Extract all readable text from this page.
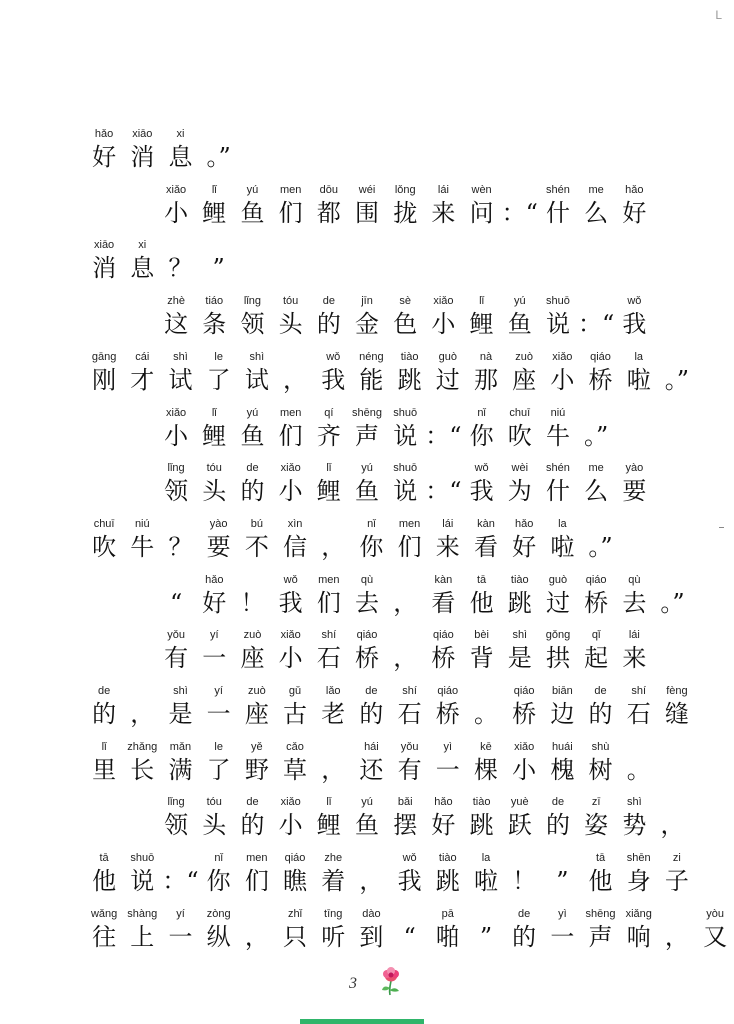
L
hǎo
好
xiāo
消
xi
息 。”
xiǎo
小
lǐ
鲤
yú
鱼
men
们
dōu
都
wéi
围
lǒng
拢
lái
来
wèn
问 ：“
shén
什
me
么
hǎo
好
xiāo
消
xi
息 ？ ”
zhè
这
tiáo
条
lǐng
领
tóu
头
de
的
jīn
金
sè
色
xiǎo
小
lǐ
鲤
yú
鱼
shuō
说 ：“
wǒ
我
gāng
刚
cái
才
shì
试
le
了
shì
试 ，
wǒ
我
néng
能
tiào
跳
guò
过
nà
那
zuò
座
xiǎo
小
qiáo
桥
la
啦 。”
xiǎo
小
lǐ
鲤
yú
鱼
men
们
qí
齐
shēng
声
shuō
说 ：“
nǐ
你
chuī
吹
niú
牛 。”
lǐng
领
tóu
头
de
的
xiǎo
小
lǐ
鲤
yú
鱼
shuō
说 ：“
wǒ
我
wèi
为
shén
什
me
么
yào
要
chuī
吹
niú
牛 ？
yào
要
bú
不
xìn
信 ，
nǐ
你
men
们
lái
来
kàn
看
hǎo
好
la
啦 。”
“
hǎo
好 ！
wǒ
我
men
们
qù
去 ，
kàn
看
tā
他
tiào
跳
guò
过
qiáo
桥
qù
去 。”
yǒu
有
yí
一
zuò
座
xiǎo
小
shí
石
qiáo
桥 ，
qiáo
桥
bèi
背
shì
是
gǒng
拱
qǐ
起
lái
来
de
的 ，
shì
是
yí
一
zuò
座
gǔ
古
lǎo
老
de
的
shí
石
qiáo
桥 。
qiáo
桥
biān
边
de
的
shí
石
fèng
缝
lǐ
里
zhǎng
长
mǎn
满
le
了
yě
野
cǎo
草 ，
hái
还
yǒu
有
yì
一
kē
棵
xiǎo
小
huái
槐
shù
树 。
lǐng
领
tóu
头
de
的
xiǎo
小
lǐ
鲤
yú
鱼
bǎi
摆
hǎo
好
tiào
跳
yuè
跃
de
的
zī
姿
shì
势 ，
tā
他
shuō
说 ：“
nǐ
你
men
们
qiáo
瞧
zhe
着 ，
wǒ
我
tiào
跳
la
啦 ！ ”
tā
他
shēn
身
zi
子
wǎng
往
shàng
上
yí
一
zòng
纵 ，
zhǐ
只
tīng
听
dào
到 “
pā
啪 ”
de
的
yì
一
shēng
声
xiǎng
响 ，
yòu
又
3
